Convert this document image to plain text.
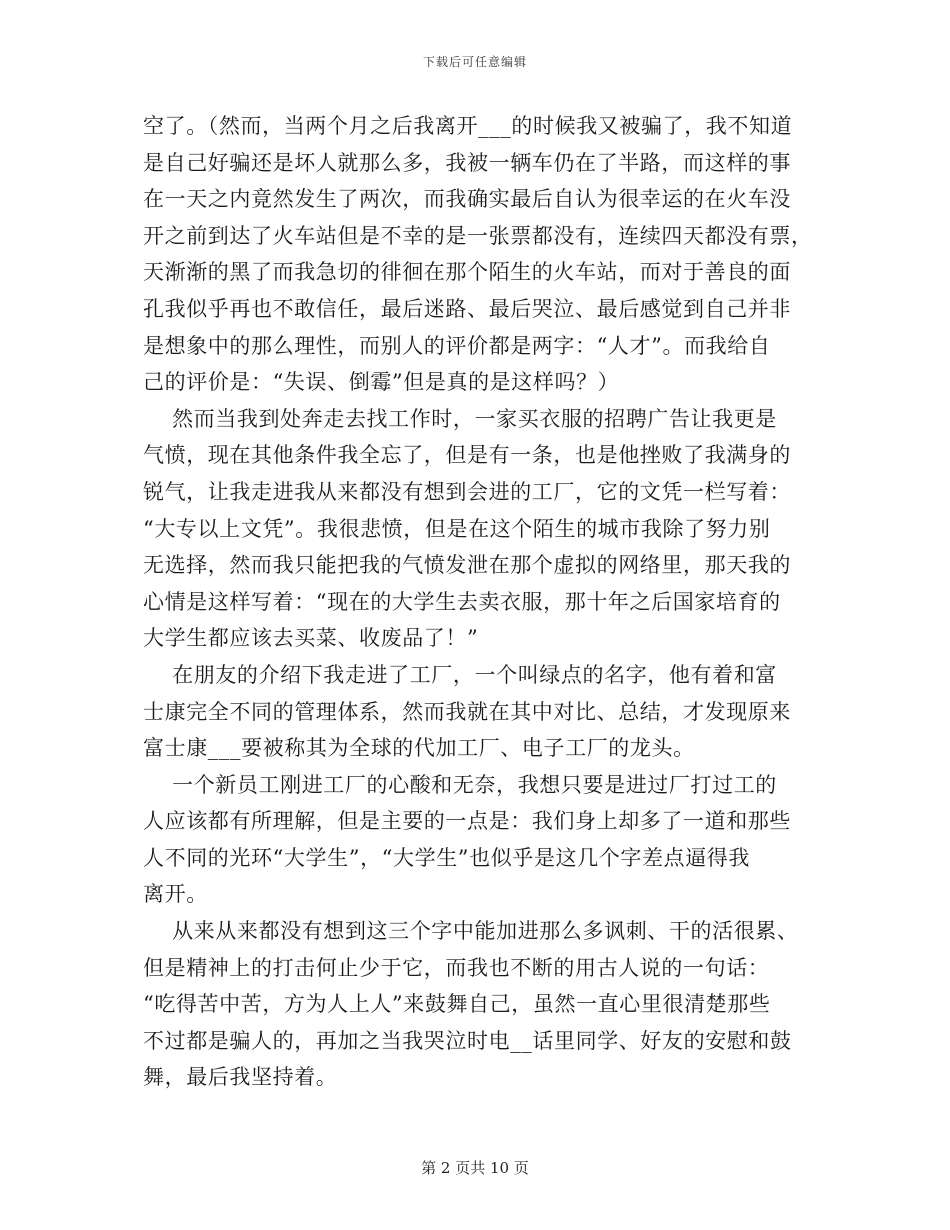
下载后可任意编辑
空了。（然而，当两个月之后我离开___的时候我又被骗了，我不知道
是自己好骗还是坏人就那么多，我被一辆车仍在了半路，而这样的事
在一天之内竟然发生了两次，而我确实最后自认为很幸运的在火车没
开之前到达了火车站但是不幸的是一张票都没有，连续四天都没有票，
天渐渐的黑了而我急切的徘徊在那个陌生的火车站，而对于善良的面
孔我似乎再也不敢信任，最后迷路、最后哭泣、最后感觉到自己并非
是想象中的那么理性，而别人的评价都是两字：“人才”。而我给自
己的评价是：“失误、倒霉”但是真的是这样吗？）
然而当我到处奔走去找工作时，一家买衣服的招聘广告让我更是
气愤，现在其他条件我全忘了，但是有一条，也是他挫败了我满身的
锐气，让我走进我从来都没有想到会进的工厂，它的文凭一栏写着：
“大专以上文凭”。我很悲愤，但是在这个陌生的城市我除了努力别
无选择，然而我只能把我的气愤发泄在那个虚拟的网络里，那天我的
心情是这样写着：“现在的大学生去卖衣服，那十年之后国家培育的
大学生都应该去买菜、收废品了！”
在朋友的介绍下我走进了工厂，一个叫绿点的名字，他有着和富
士康完全不同的管理体系，然而我就在其中对比、总结，才发现原来
富士康___要被称其为全球的代加工厂、电子工厂的龙头。
一个新员工刚进工厂的心酸和无奈，我想只要是进过厂打过工的
人应该都有所理解，但是主要的一点是：我们身上却多了一道和那些
人不同的光环“大学生”，“大学生”也似乎是这几个字差点逼得我
离开。
从来从来都没有想到这三个字中能加进那么多讽刺、干的活很累、
但是精神上的打击何止少于它，而我也不断的用古人说的一句话：
“吃得苦中苦，方为人上人”来鼓舞自己，虽然一直心里很清楚那些
不过都是骗人的，再加之当我哭泣时电__话里同学、好友的安慰和鼓
舞，最后我坚持着。
第 2 页共 10 页
